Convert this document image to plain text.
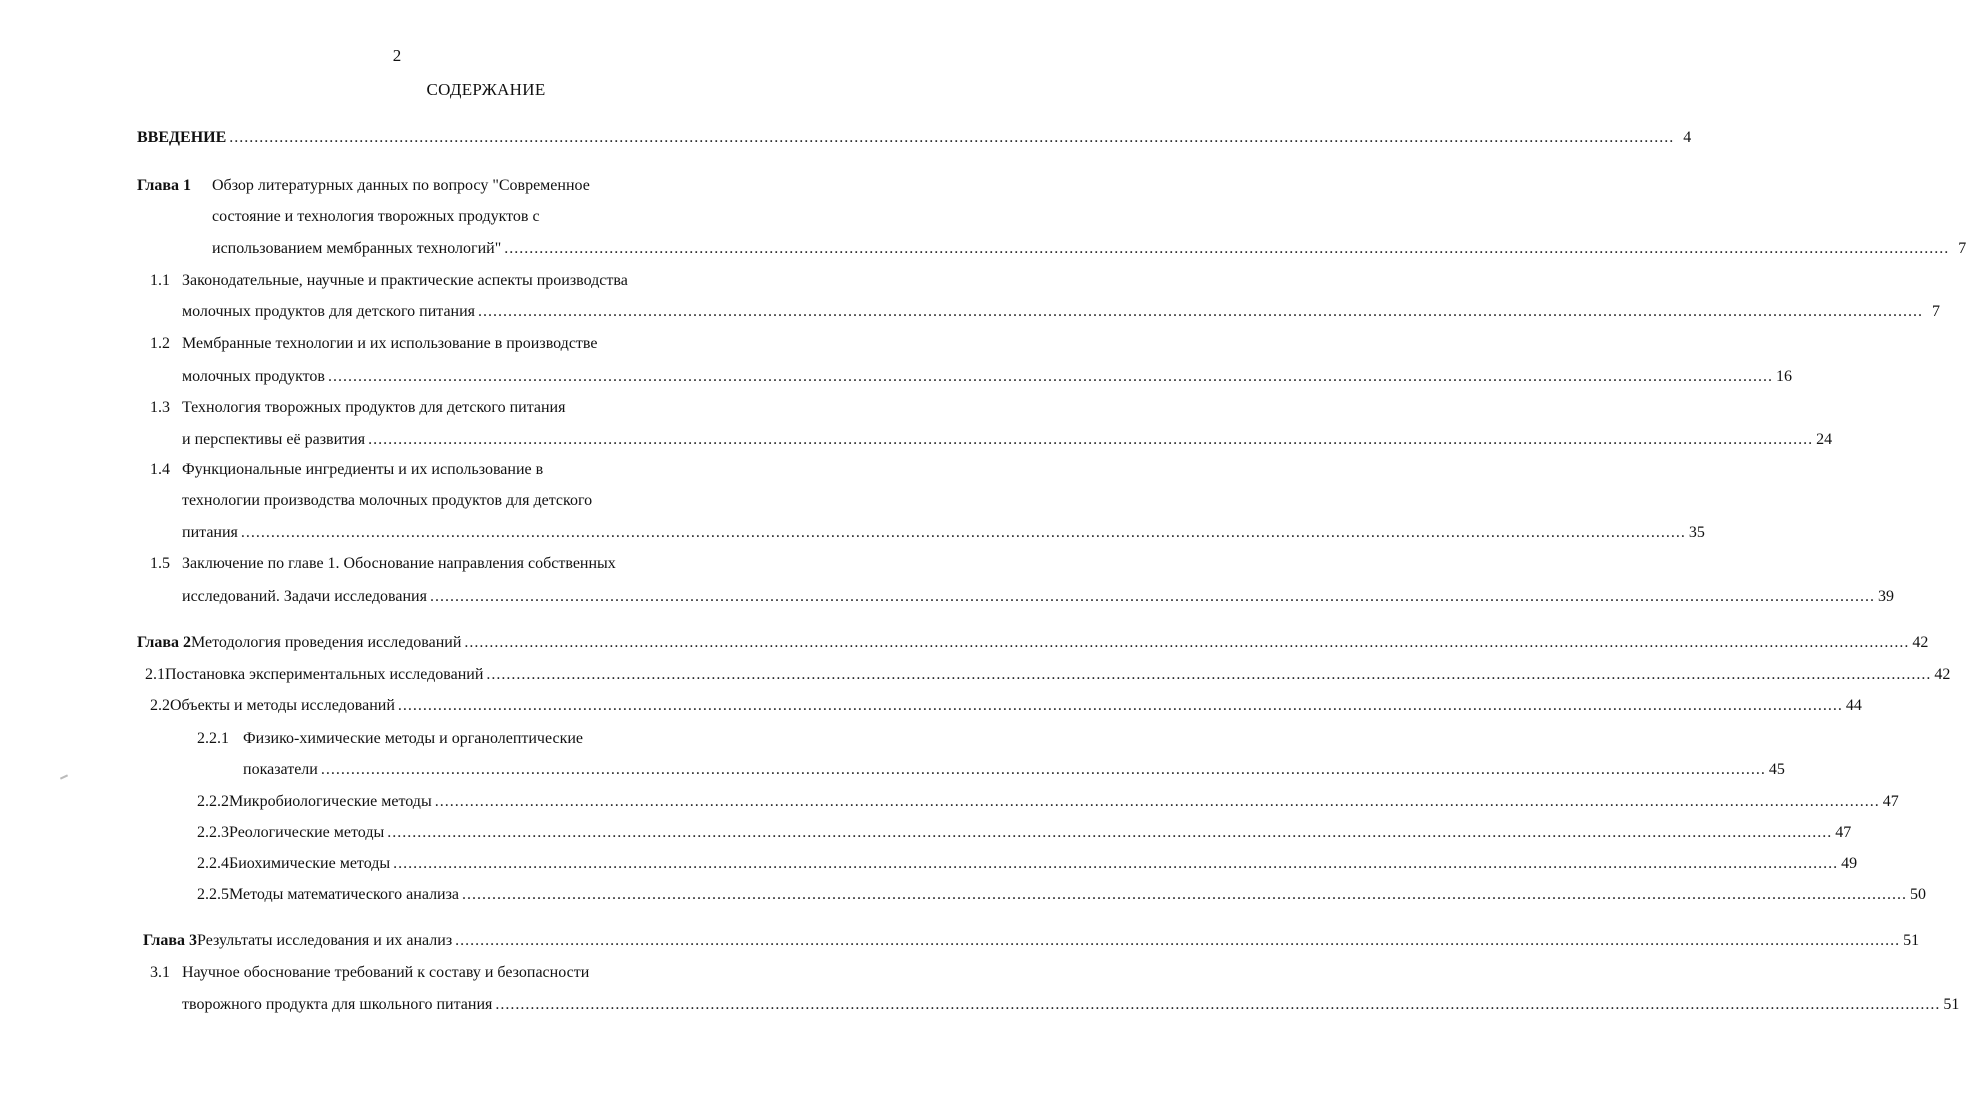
2
СОДЕРЖАНИЕ
ВВЕДЕНИЕ .....	4
Глава 1	Обзор литературных данных по вопросу "Современное
состояние и технология творожных продуктов с
использованием мембранных технологий" .....	7
1.1 Законодательные, научные и практические аспекты производства
молочных продуктов для детского питания .....	7
1.2 Мембранные технологии и их использование в производстве
молочных продуктов .....	16
1.3 Технология творожных продуктов для детского питания
и перспективы её развития .....	24
1.4 Функциональные ингредиенты и их использование в
технологии производства молочных продуктов для детского
питания .....	35
1.5 Заключение по главе 1. Обоснование направления собственных
исследований. Задачи исследования .....	39
Глава 2 Методология проведения исследований .....	42
2.1 Постановка экспериментальных исследований .....	42
2.2 Объекты и методы исследований .....	44
2.2.1 Физико-химические методы и органолептические
показатели .....	45
2.2.2 Микробиологические методы .....	47
2.2.3 Реологические методы .....	47
2.2.4 Биохимические методы .....	49
2.2.5 Методы математического анализа .....	50
Глава 3 Результаты исследования и их анализ .....	51
3.1 Научное обоснование требований к составу и безопасности
творожного продукта для школьного питания .....	51
